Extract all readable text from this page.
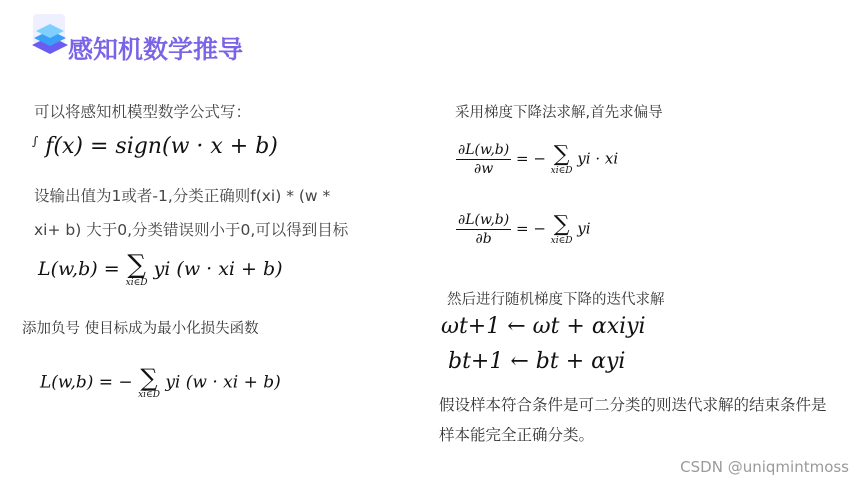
感知机数学推导
可以将感知机模型数学公式写：
∫ f(x) = sign(w · x + b)
设输出值为1或者-1,分类正确则f(xi) * (w *
xi+ b) 大于0,分类错误则小于0,可以得到目标
L(w,b) = ∑
xi∈D
yi (w · xi + b)
添加负号 使目标成为最小化损失函数
L(w,b) = − ∑
xi∈D
yi (w · xi + b)
采用梯度下降法求解,首先求偏导
$\frac{\partial L(w,b)}{\partial w}$ = − ∑
xi∈D
yi · xi
$\frac{\partial L(w,b)}{\partial b}$ = − ∑
xi∈D
yi
然后进行随机梯度下降的迭代求解
ωt+1 ← ωt + αxiyi
bt+1 ← bt + αyi
假设样本符合条件是可二分类的则迭代求解的结束条件是
样本能完全正确分类。
CSDN @uniqmintmoss
